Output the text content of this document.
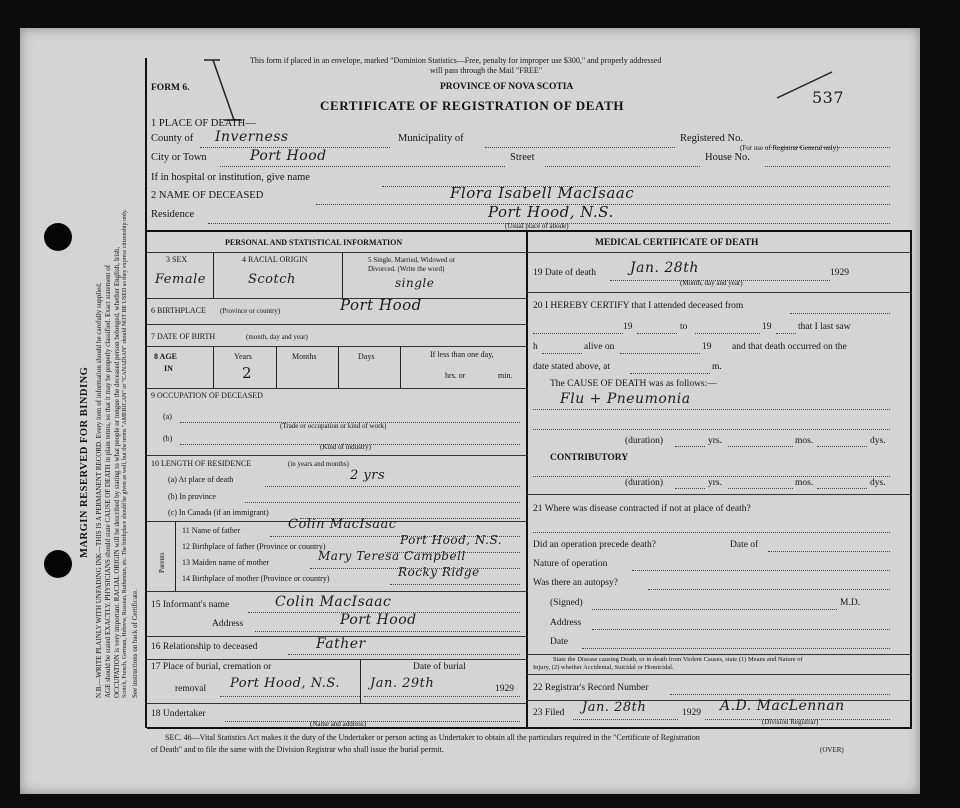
MARGIN RESERVED FOR BINDING N.B.—WRITE PLAINLY WITH UNFADING INK—THIS IS A PERMANENT RECORD. Every item of information should be carefully supplied. AGE should be stated EXACTLY. PHYSICIANS should state CAUSE OF DEATH in plain terms, so that it may be properly classified. Exact statement of OCCUPATION is very important. RACIAL ORIGIN will be described by stating to what people or tongue the deceased person belonged, whether English, Irish, Scotch, French, German, Hebrew, Russian, Ruthenian, etc. The birthplace should be given as well, but the terms "AMERICAN" or "CANADIAN" should NOT BE USED as they express citizenship only. See instructions on back of Certificate.
This form if placed in an envelope, marked "Dominion Statistics—Free, penalty for improper use $300," and properly addressed
will pass through the Mail "FREE"
FORM 6.	PROVINCE OF NOVA SCOTIA
CERTIFICATE OF REGISTRATION OF DEATH	537
1 PLACE OF DEATH—
County of Inverness	Municipality of	Registered No.
(For use of Registrar General only)
City or Town	Port Hood	Street	House No.
If in hospital or institution, give name
2 NAME OF DECEASED	Flora Isabell MacIsaac
Residence	Port Hood, N.S.
(Usual place of abode)
PERSONAL AND STATISTICAL INFORMATION
3 SEX
Female
4 RACIAL ORIGIN
Scotch
5 Single, Married, Widowed or
Divorced. (Write the word)
single
6 BIRTHPLACE (Province or country)	Port Hood
7 DATE OF BIRTH	(month, day and year)
8 AGE
IN
Years	Months	Days	If less than one day,
hrs. or	min.
2
9 OCCUPATION OF DECEASED
(a)
(Trade or occupation or kind of work)
(b)
(Kind of industry)
10 LENGTH OF RESIDENCE	(in years and months)
(a) At place of death	2 yrs
(b) In province
(c) In Canada (if an immigrant)
Parents
11 Name of father	Colin MacIsaac
12 Birthplace of father (Province or country)	Port Hood, N.S.
13 Maiden name of mother	Mary Teresa Campbell
14 Birthplace of mother (Province or country)	Rocky Ridge
15 Informant's name	Colin MacIsaac
Address	Port Hood
16 Relationship to deceased	Father
17 Place of burial, cremation or
removal Port Hood, N.S.
Date of burial
Jan. 29th	1929
18 Undertaker
(Name and address)
MEDICAL CERTIFICATE OF DEATH
19 Date of death Jan. 28th	1929
(Month, day and year)
20 I HEREBY CERTIFY that I attended deceased from
19	to	19	that I last saw
h	alive on	19 and that death occurred on the
date stated above, at	m.
The CAUSE OF DEATH was as follows:—
Flu + Pneumonia
(duration)	yrs.	mos.	dys.
CONTRIBUTORY
(duration)	yrs.	mos.	dys.
21 Where was disease contracted if not at place of death?
Did an operation precede death?	Date of
Nature of operation
Was there an autopsy?
(Signed)	M.D.
Address
Date
State the Disease causing Death, or in death from Violent Causes, state (1) Means and Nature of
Injury, (2) whether Accidental, Suicidal or Homicidal.
22 Registrar's Record Number
23 Filed Jan. 28th	1929 A.D. MacLennan
(Division Registrar)
SEC. 46—Vital Statistics Act makes it the duty of the Undertaker or person acting as Undertaker to obtain all the particulars required in the "Certificate of Registration
of Death" and to file the same with the Division Registrar who shall issue the burial permit.	(OVER)
